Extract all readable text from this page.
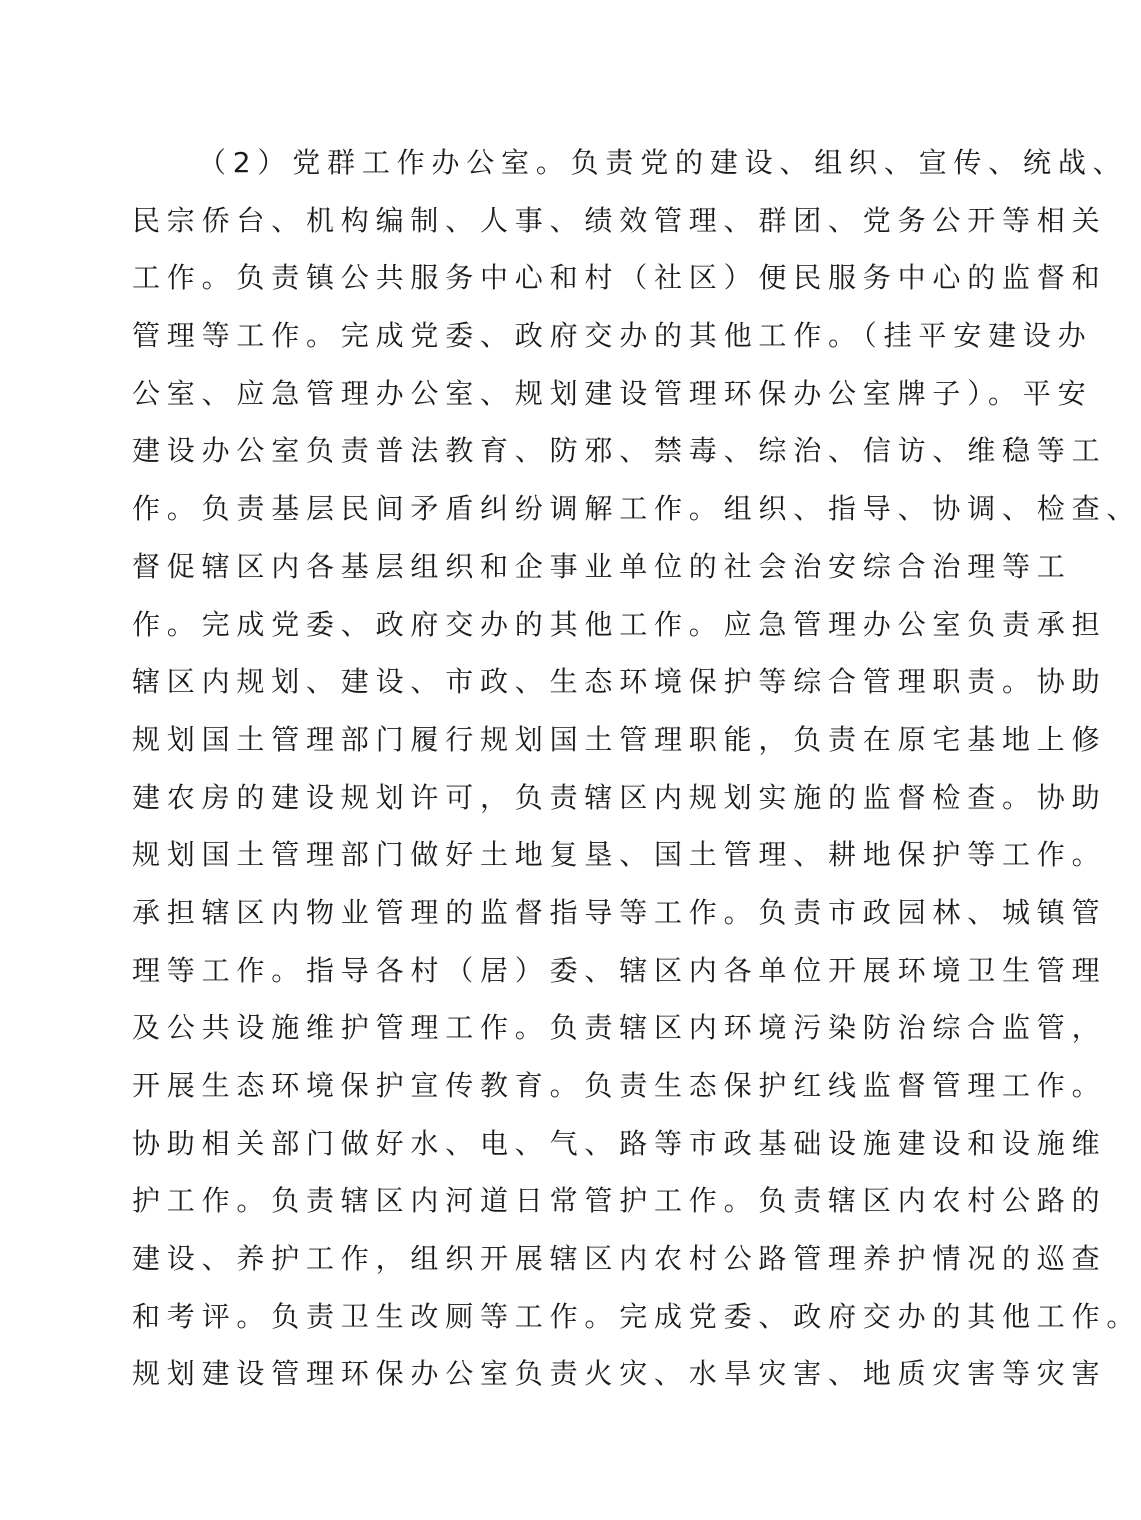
（2）党群工作办公室。负责党的建设、组织、宣传、统战、
民宗侨台、机构编制、人事、绩效管理、群团、党务公开等相关
工作。负责镇公共服务中心和村（社区）便民服务中心的监督和
管理等工作。完成党委、政府交办的其他工作。（挂平安建设办
公室、应急管理办公室、规划建设管理环保办公室牌子）。平安
建设办公室负责普法教育、防邪、禁毒、综治、信访、维稳等工
作。负责基层民间矛盾纠纷调解工作。组织、指导、协调、检查、
督促辖区内各基层组织和企事业单位的社会治安综合治理等工
作。完成党委、政府交办的其他工作。应急管理办公室负责承担
辖区内规划、建设、市政、生态环境保护等综合管理职责。协助
规划国土管理部门履行规划国土管理职能，负责在原宅基地上修
建农房的建设规划许可，负责辖区内规划实施的监督检查。协助
规划国土管理部门做好土地复垦、国土管理、耕地保护等工作。
承担辖区内物业管理的监督指导等工作。负责市政园林、城镇管
理等工作。指导各村（居）委、辖区内各单位开展环境卫生管理
及公共设施维护管理工作。负责辖区内环境污染防治综合监管，
开展生态环境保护宣传教育。负责生态保护红线监督管理工作。
协助相关部门做好水、电、气、路等市政基础设施建设和设施维
护工作。负责辖区内河道日常管护工作。负责辖区内农村公路的
建设、养护工作，组织开展辖区内农村公路管理养护情况的巡查
和考评。负责卫生改厕等工作。完成党委、政府交办的其他工作。
规划建设管理环保办公室负责火灾、水旱灾害、地质灾害等灾害
